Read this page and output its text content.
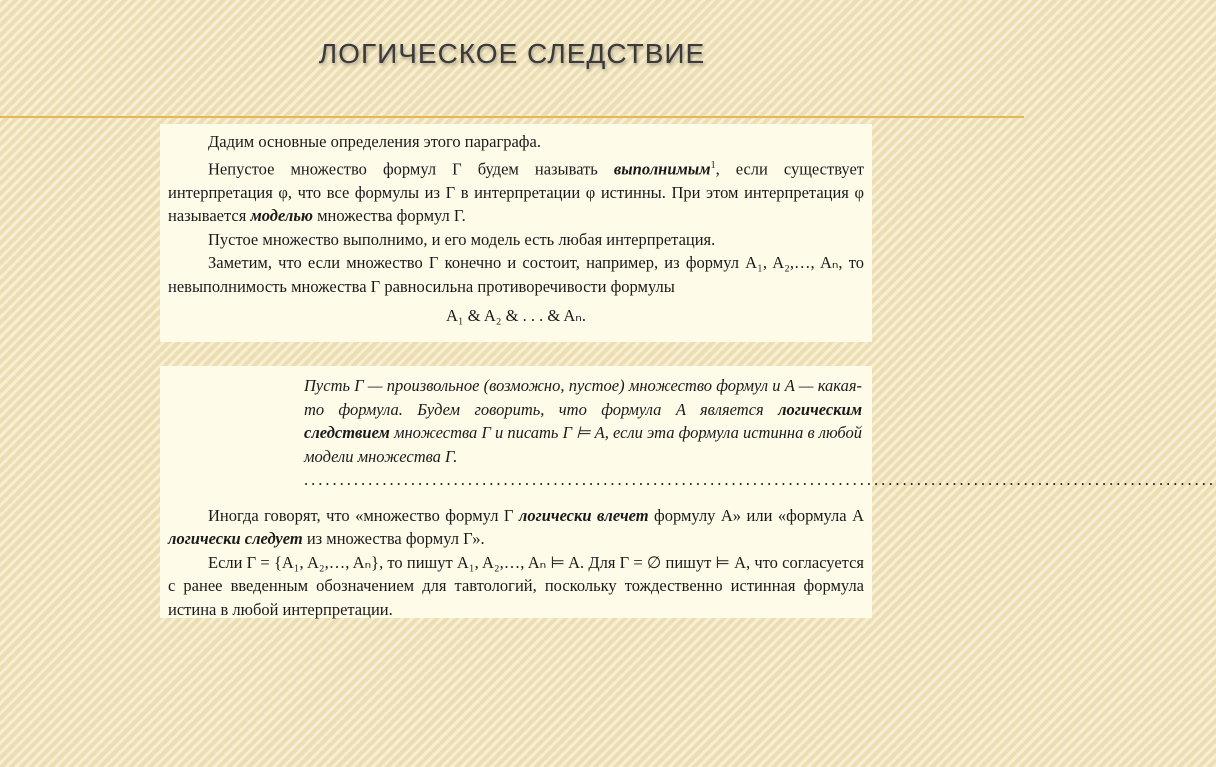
ЛОГИЧЕСКОЕ СЛЕДСТВИЕ

Дадим основные определения этого параграфа.

Непустое множество формул Г будем называть выполнимым$^1$, если существует интерпретация φ, что все формулы из Г в интерпретации φ истинны. При этом интерпретация φ называется моделью множества формул Г.

Пустое множество выполнимо, и его модель есть любая интерпретация.

Заметим, что если множество Г конечно и состоит, например, из формул A₁, A₂,…, Aₙ, то невыполнимость множества Г равносильна противоречивости формулы

A₁ & A₂ & . . . & Aₙ.

Пусть Г — произвольное (возможно, пустое) множество формул и A — какая-то формула. Будем говорить, что формула A является логическим следствием множества Г и писать Г ⊨ A, если эта формула истинна в любой модели множества Г.

................................................................................................................................

Иногда говорят, что «множество формул Г логически влечет формулу A» или «формула A логически следует из множества формул Г».

Если Г = {A₁, A₂,…, Aₙ}, то пишут A₁, A₂,…, Aₙ ⊨ A. Для Г = ∅ пишут ⊨ A, что согласуется с ранее введенным обозначением для тавтологий, поскольку тождественно истинная формула истина в любой интерпретации.
